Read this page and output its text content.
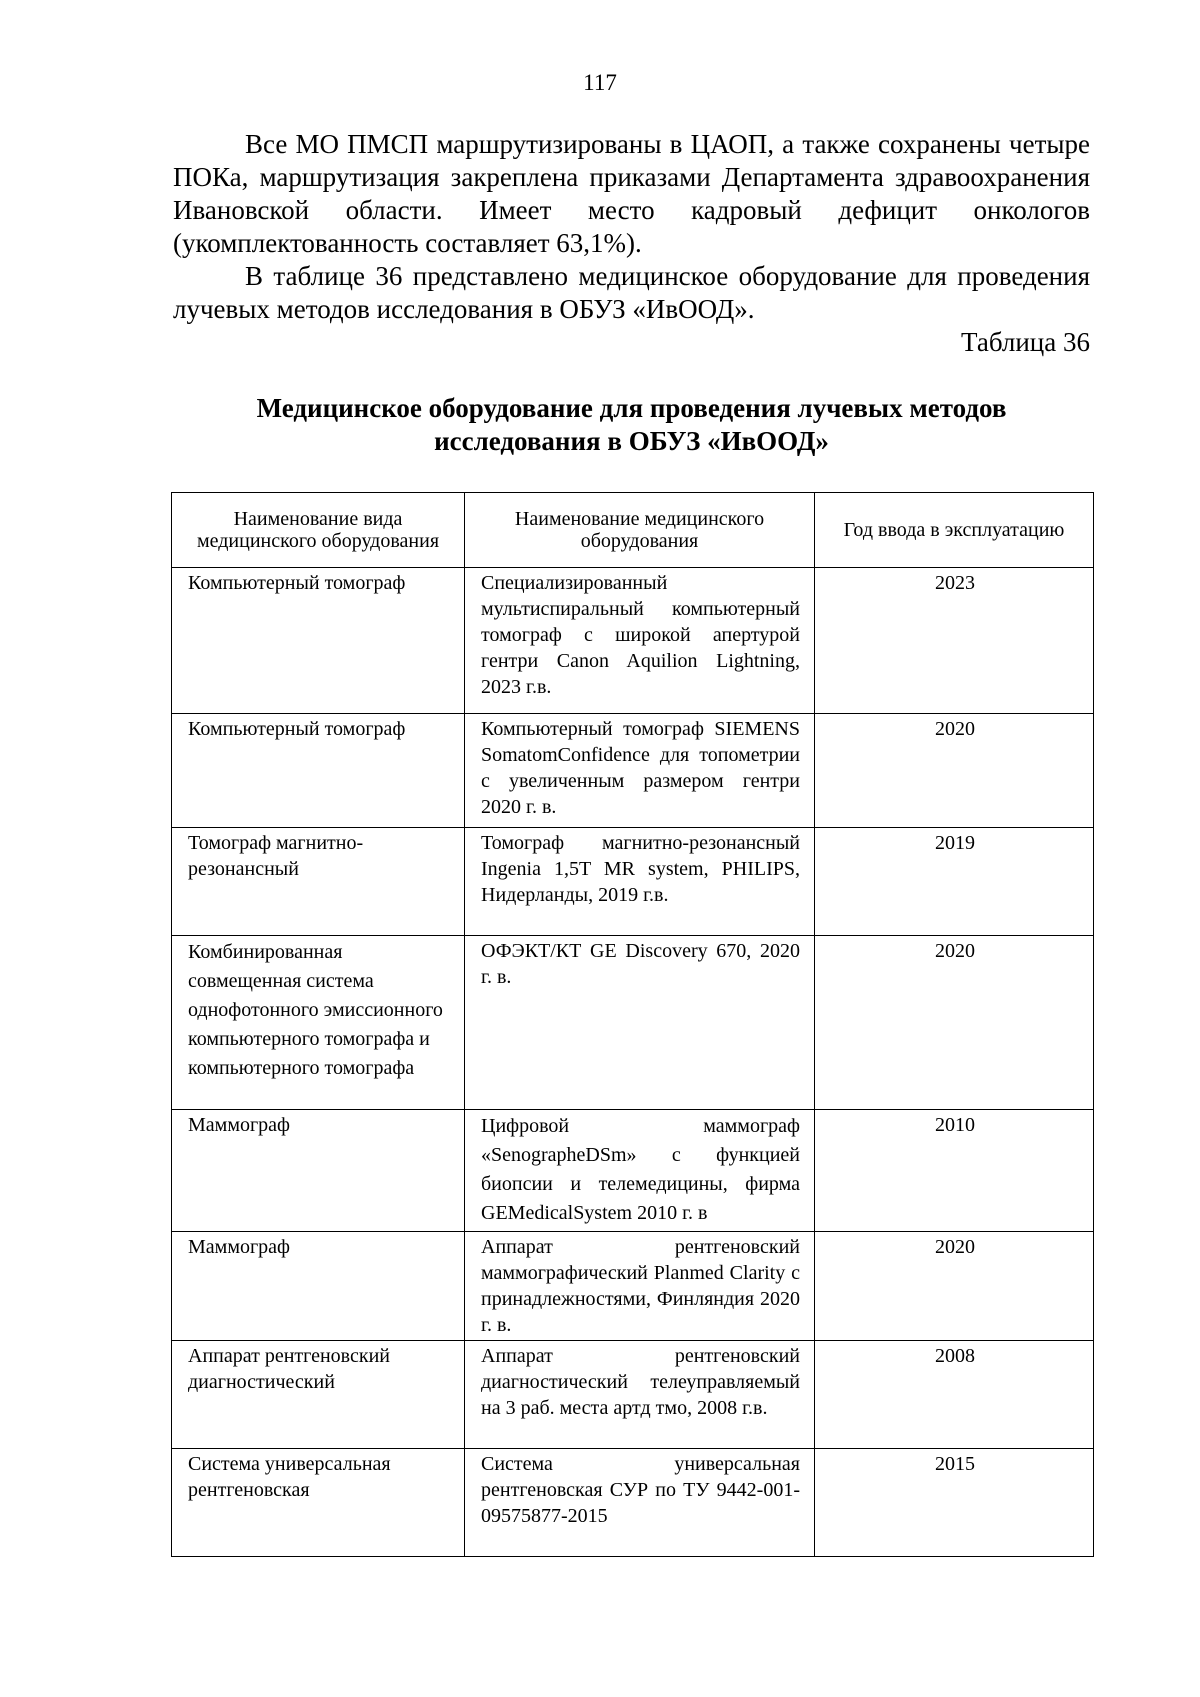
117

Все МО ПМСП маршрутизированы в ЦАОП, а также сохранены четыре ПОКа, маршрутизация закреплена приказами Департамента здравоохранения Ивановской области. Имеет место кадровый дефицит онкологов (укомплектованность составляет 63,1%).

В таблице 36 представлено медицинское оборудование для проведения лучевых методов исследования в ОБУЗ «ИвООД».

Таблица 36
Медицинское оборудование для проведения лучевых методов
исследования в ОБУЗ «ИвООД»
Наименование вида медицинского оборудования	Наименование медицинского оборудования	Год ввода в эксплуатацию
Компьютерный томограф	Специализированный мультиспиральный компьютерный томограф с широкой апертурой гентри Canon Aquilion Lightning, 2023 г.в.	2023
Компьютерный томограф	Компьютерный томограф SIEMENS SomatomConfidence для топометрии с увеличенным размером гентри 2020 г. в.	2020
Томограф магнитно-резонансный	Томограф магнитно-резонансный Ingenia 1,5T MR system, PHILIPS, Нидерланды, 2019 г.в.	2019
Комбинированная совмещенная система однофотонного эмиссионного компьютерного томографа и компьютерного томографа	ОФЭКТ/КТ GE Discovery 670, 2020 г. в.	2020
Маммограф	Цифровой маммограф «SenographeDSm» с функцией биопсии и телемедицины, фирма GEMedicalSystem 2010 г. в	2010
Маммограф	Аппарат рентгеновский маммографический Planmed Clarity с принадлежностями, Финляндия 2020 г. в.	2020
Аппарат рентгеновский диагностический	Аппарат рентгеновский диагностический телеуправляемый на 3 раб. места артд тмо, 2008 г.в.	2008
Система универсальная рентгеновская	Система универсальная рентгеновская СУР по ТУ 9442-001-09575877-2015	2015
